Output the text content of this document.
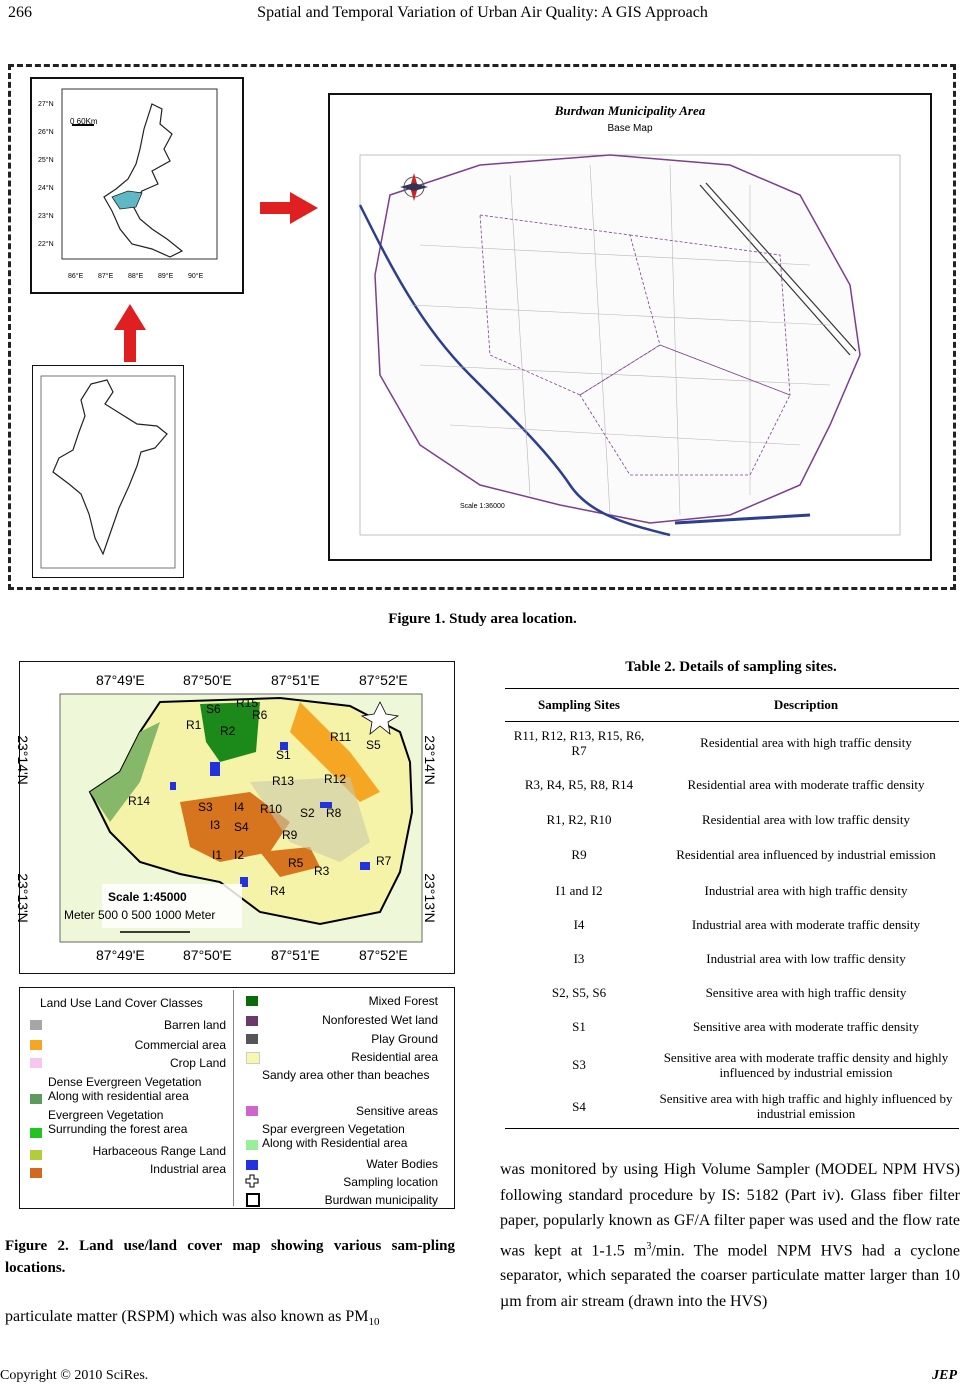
266	Spatial and Temporal Variation of Urban Air Quality: A GIS Approach
27°N
26°N
25°N
24°N
23°N
22°N
0 60Km
86°E 87°E 88°E 89°E 90°E
Burdwan Municipality Area
Base Map
Scale 1:36000
Figure 1. Study area location.
87°49'E	87°50'E	87°51'E	87°52'E
87°49'E	87°50'E	87°51'E	87°52'E
23°14'N
23°13'N
23°14'N
23°13'N
Scale 1:45000
Meter 500 0 500 1000 Meter
S6 R15
R6
R1 R2	R11
S5
S1
R13 R12
R14	S3 I4 R10 S2 R8
I3 S4
R9
I1 I2
R5	R7
R3
R4
Land Use Land Cover Classes
Barren land
Commercial area
Crop Land
Dense Evergreen Vegetation Along with residential area
Evergreen Vegetation Surrunding the forest area
Harbaceous Range Land
Industrial area
Mixed Forest
Nonforested Wet land
Play Ground
Residential area
Sandy area other than beaches
Sensitive areas
Spar evergreen Vegetation Along with Residential area
Water Bodies
Sampling location
Burdwan municipality
Figure 2. Land use/land cover map showing various sam-pling locations.
particulate matter (RSPM) which was also known as $PM_{10}$
Table 2. Details of sampling sites.
Sampling Sites	Description
R11, R12, R13, R15, R6, R7	Residential area with high traffic density
R3, R4, R5, R8, R14	Residential area with moderate traffic density
R1, R2, R10	Residential area with low traffic density
R9	Residential area influenced by industrial emission
I1 and I2	Industrial area with high traffic density
I4	Industrial area with moderate traffic density
I3	Industrial area with low traffic density
S2, S5, S6	Sensitive area with high traffic density
S1	Sensitive area with moderate traffic density
S3	Sensitive area with moderate traffic density and highly influenced by industrial emission
S4	Sensitive area with high traffic and highly influenced by industrial emission
was monitored by using High Volume Sampler (MODEL NPM HVS) following standard procedure by IS: 5182 (Part iv). Glass fiber filter paper, popularly known as GF/A filter paper was used and the flow rate was kept at 1-1.5 $m^3/\min$. The model NPM HVS had a cyclone separator, which separated the coarser particulate matter larger than 10 µm from air stream (drawn into the HVS)
Copyright © 2010 SciRes.	JEP
